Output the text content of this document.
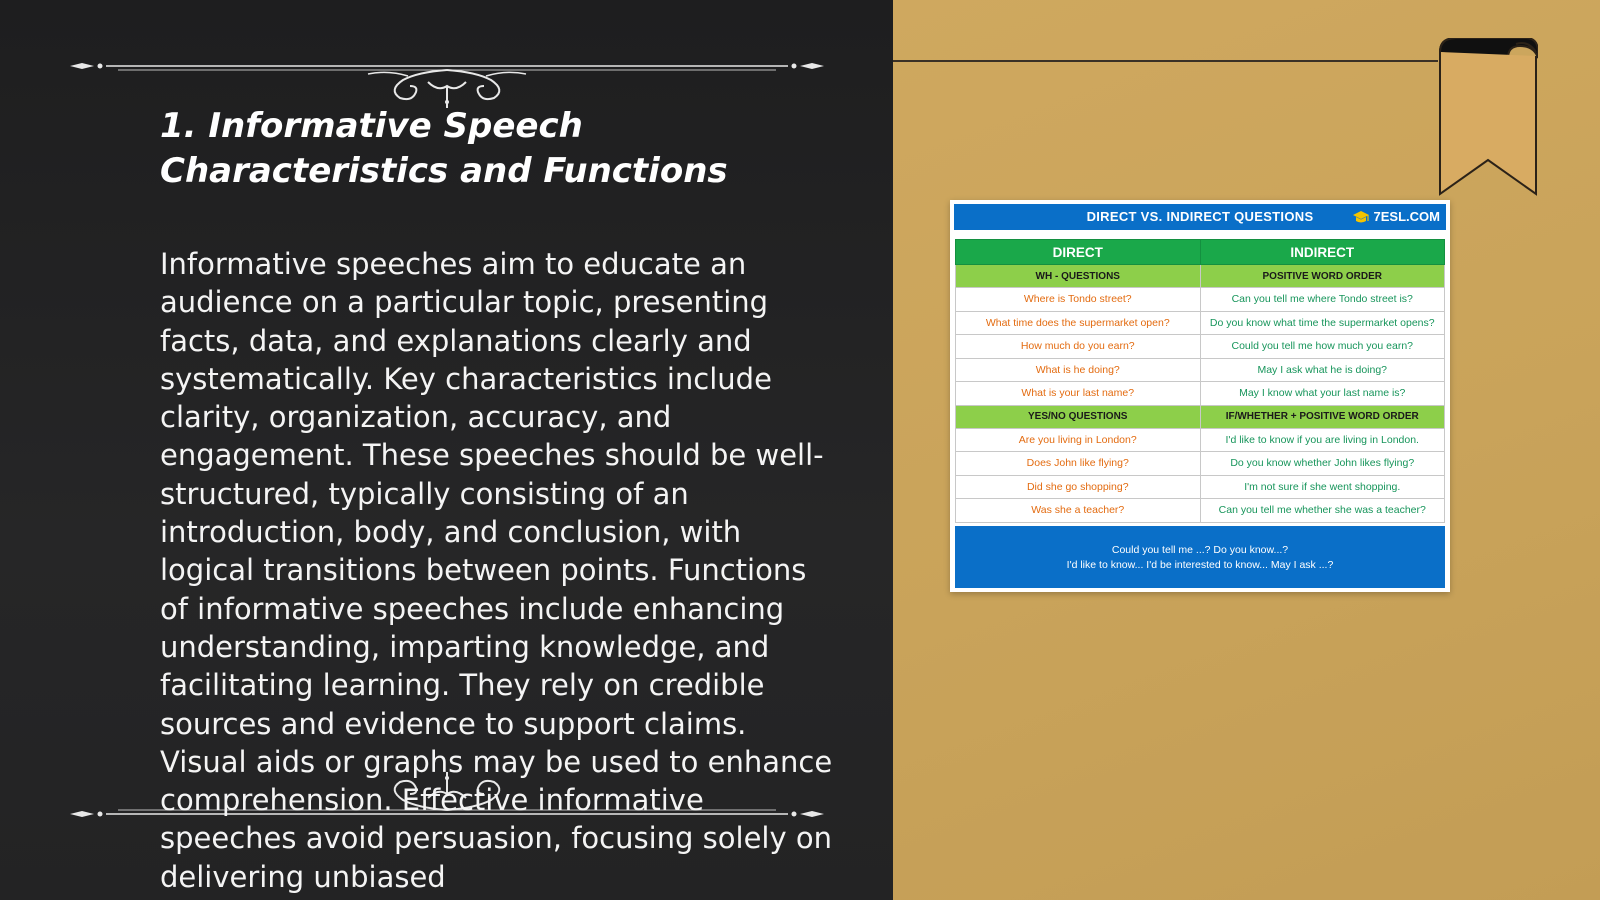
1. Informative Speech Characteristics and Functions

Informative speeches aim to educate an audience on a particular topic, presenting facts, data, and explanations clearly and systematically. Key characteristics include clarity, organization, accuracy, and engagement. These speeches should be well-structured, typically consisting of an introduction, body, and conclusion, with logical transitions between points. Functions of informative speeches include enhancing understanding, imparting knowledge, and facilitating learning. They rely on credible sources and evidence to support claims. Visual aids or graphs may be used to enhance comprehension. Effective informative speeches avoid persuasion, focusing solely on delivering unbiased

DIRECT VS. INDIRECT QUESTIONS	7ESL.COM
DIRECT	INDIRECT
WH - QUESTIONS	POSITIVE WORD ORDER
Where is Tondo street?	Can you tell me where Tondo street is?
What time does the supermarket open?	Do you know what time the supermarket opens?
How much do you earn?	Could you tell me how much you earn?
What is he doing?	May I ask what he is doing?
What is your last name?	May I know what your last name is?
YES/NO QUESTIONS	IF/WHETHER + POSITIVE WORD ORDER
Are you living in London?	I'd like to know if you are living in London.
Does John like flying?	Do you know whether John likes flying?
Did she go shopping?	I'm not sure if she went shopping.
Was she a teacher?	Can you tell me whether she was a teacher?
Could you tell me ...? Do you know...?
I'd like to know... I'd be interested to know... May I ask ...?
